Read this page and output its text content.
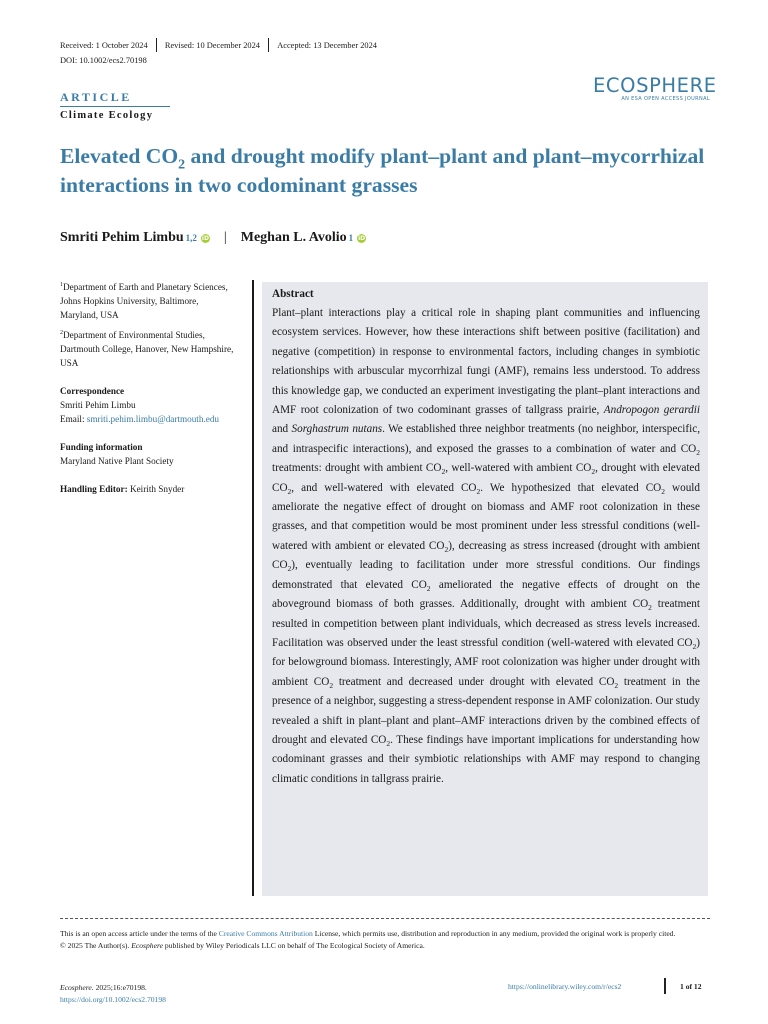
Received: 1 October 2024 Revised: 10 December 2024 Accepted: 13 December 2024
DOI: 10.1002/ecs2.70198
ARTICLE
Climate Ecology
ECOSPHERE
AN ESA OPEN ACCESS JOURNAL
Elevated $CO_2$ and drought modify plant–plant and plant–mycorrhizal interactions in two codominant grasses
Smriti Pehim Limbu 1,2 iD | Meghan L. Avolio 1 iD

$^1$Department of Earth and Planetary Sciences, Johns Hopkins University, Baltimore, Maryland, USA

$^2$Department of Environmental Studies, Dartmouth College, Hanover, New Hampshire, USA

Correspondence
Smriti Pehim Limbu
Email: smriti.pehim.limbu@dartmouth.edu

Funding information
Maryland Native Plant Society

Handling Editor: Keirith Snyder

Abstract
Plant–plant interactions play a critical role in shaping plant communities and influencing ecosystem services. However, how these interactions shift between positive (facilitation) and negative (competition) in response to environmental factors, including changes in symbiotic relationships with arbuscular mycorrhizal fungi (AMF), remains less understood. To address this knowledge gap, we conducted an experiment investigating the plant–plant interactions and AMF root colonization of two codominant grasses of tallgrass prairie, Andropogon gerardii and Sorghastrum nutans. We established three neighbor treatments (no neighbor, interspecific, and intraspecific interactions), and exposed the grasses to a combination of water and $CO_2$ treatments: drought with ambient $CO_2$, well-watered with ambient $CO_2$, drought with elevated $CO_2$, and well-watered with elevated $CO_2$. We hypothesized that elevated $CO_2$ would ameliorate the negative effect of drought on biomass and AMF root colonization in these grasses, and that competition would be most prominent under less stressful conditions (well-watered with ambient or elevated $CO_2$), decreasing as stress increased (drought with ambient $CO_2$), eventually leading to facilitation under more stressful conditions. Our findings demonstrated that elevated $CO_2$ ameliorated the negative effects of drought on the aboveground biomass of both grasses. Additionally, drought with ambient $CO_2$ treatment resulted in competition between plant individuals, which decreased as stress levels increased. Facilitation was observed under the least stressful condition (well-watered with elevated $CO_2$) for belowground biomass. Interestingly, AMF root colonization was higher under drought with ambient $CO_2$ treatment and decreased under drought with elevated $CO_2$ treatment in the presence of a neighbor, suggesting a stress-dependent response in AMF colonization. Our study revealed a shift in plant–plant and plant–AMF interactions driven by the combined effects of drought and elevated $CO_2$. These findings have important implications for understanding how codominant grasses and their symbiotic relationships with AMF may respond to changing climatic conditions in tallgrass prairie.
This is an open access article under the terms of the Creative Commons Attribution License, which permits use, distribution and reproduction in any medium, provided the original work is properly cited.
© 2025 The Author(s). Ecosphere published by Wiley Periodicals LLC on behalf of The Ecological Society of America.
Ecosphere. 2025;16:e70198.
https://doi.org/10.1002/ecs2.70198
https://onlinelibrary.wiley.com/r/ecs2	1 of 12
